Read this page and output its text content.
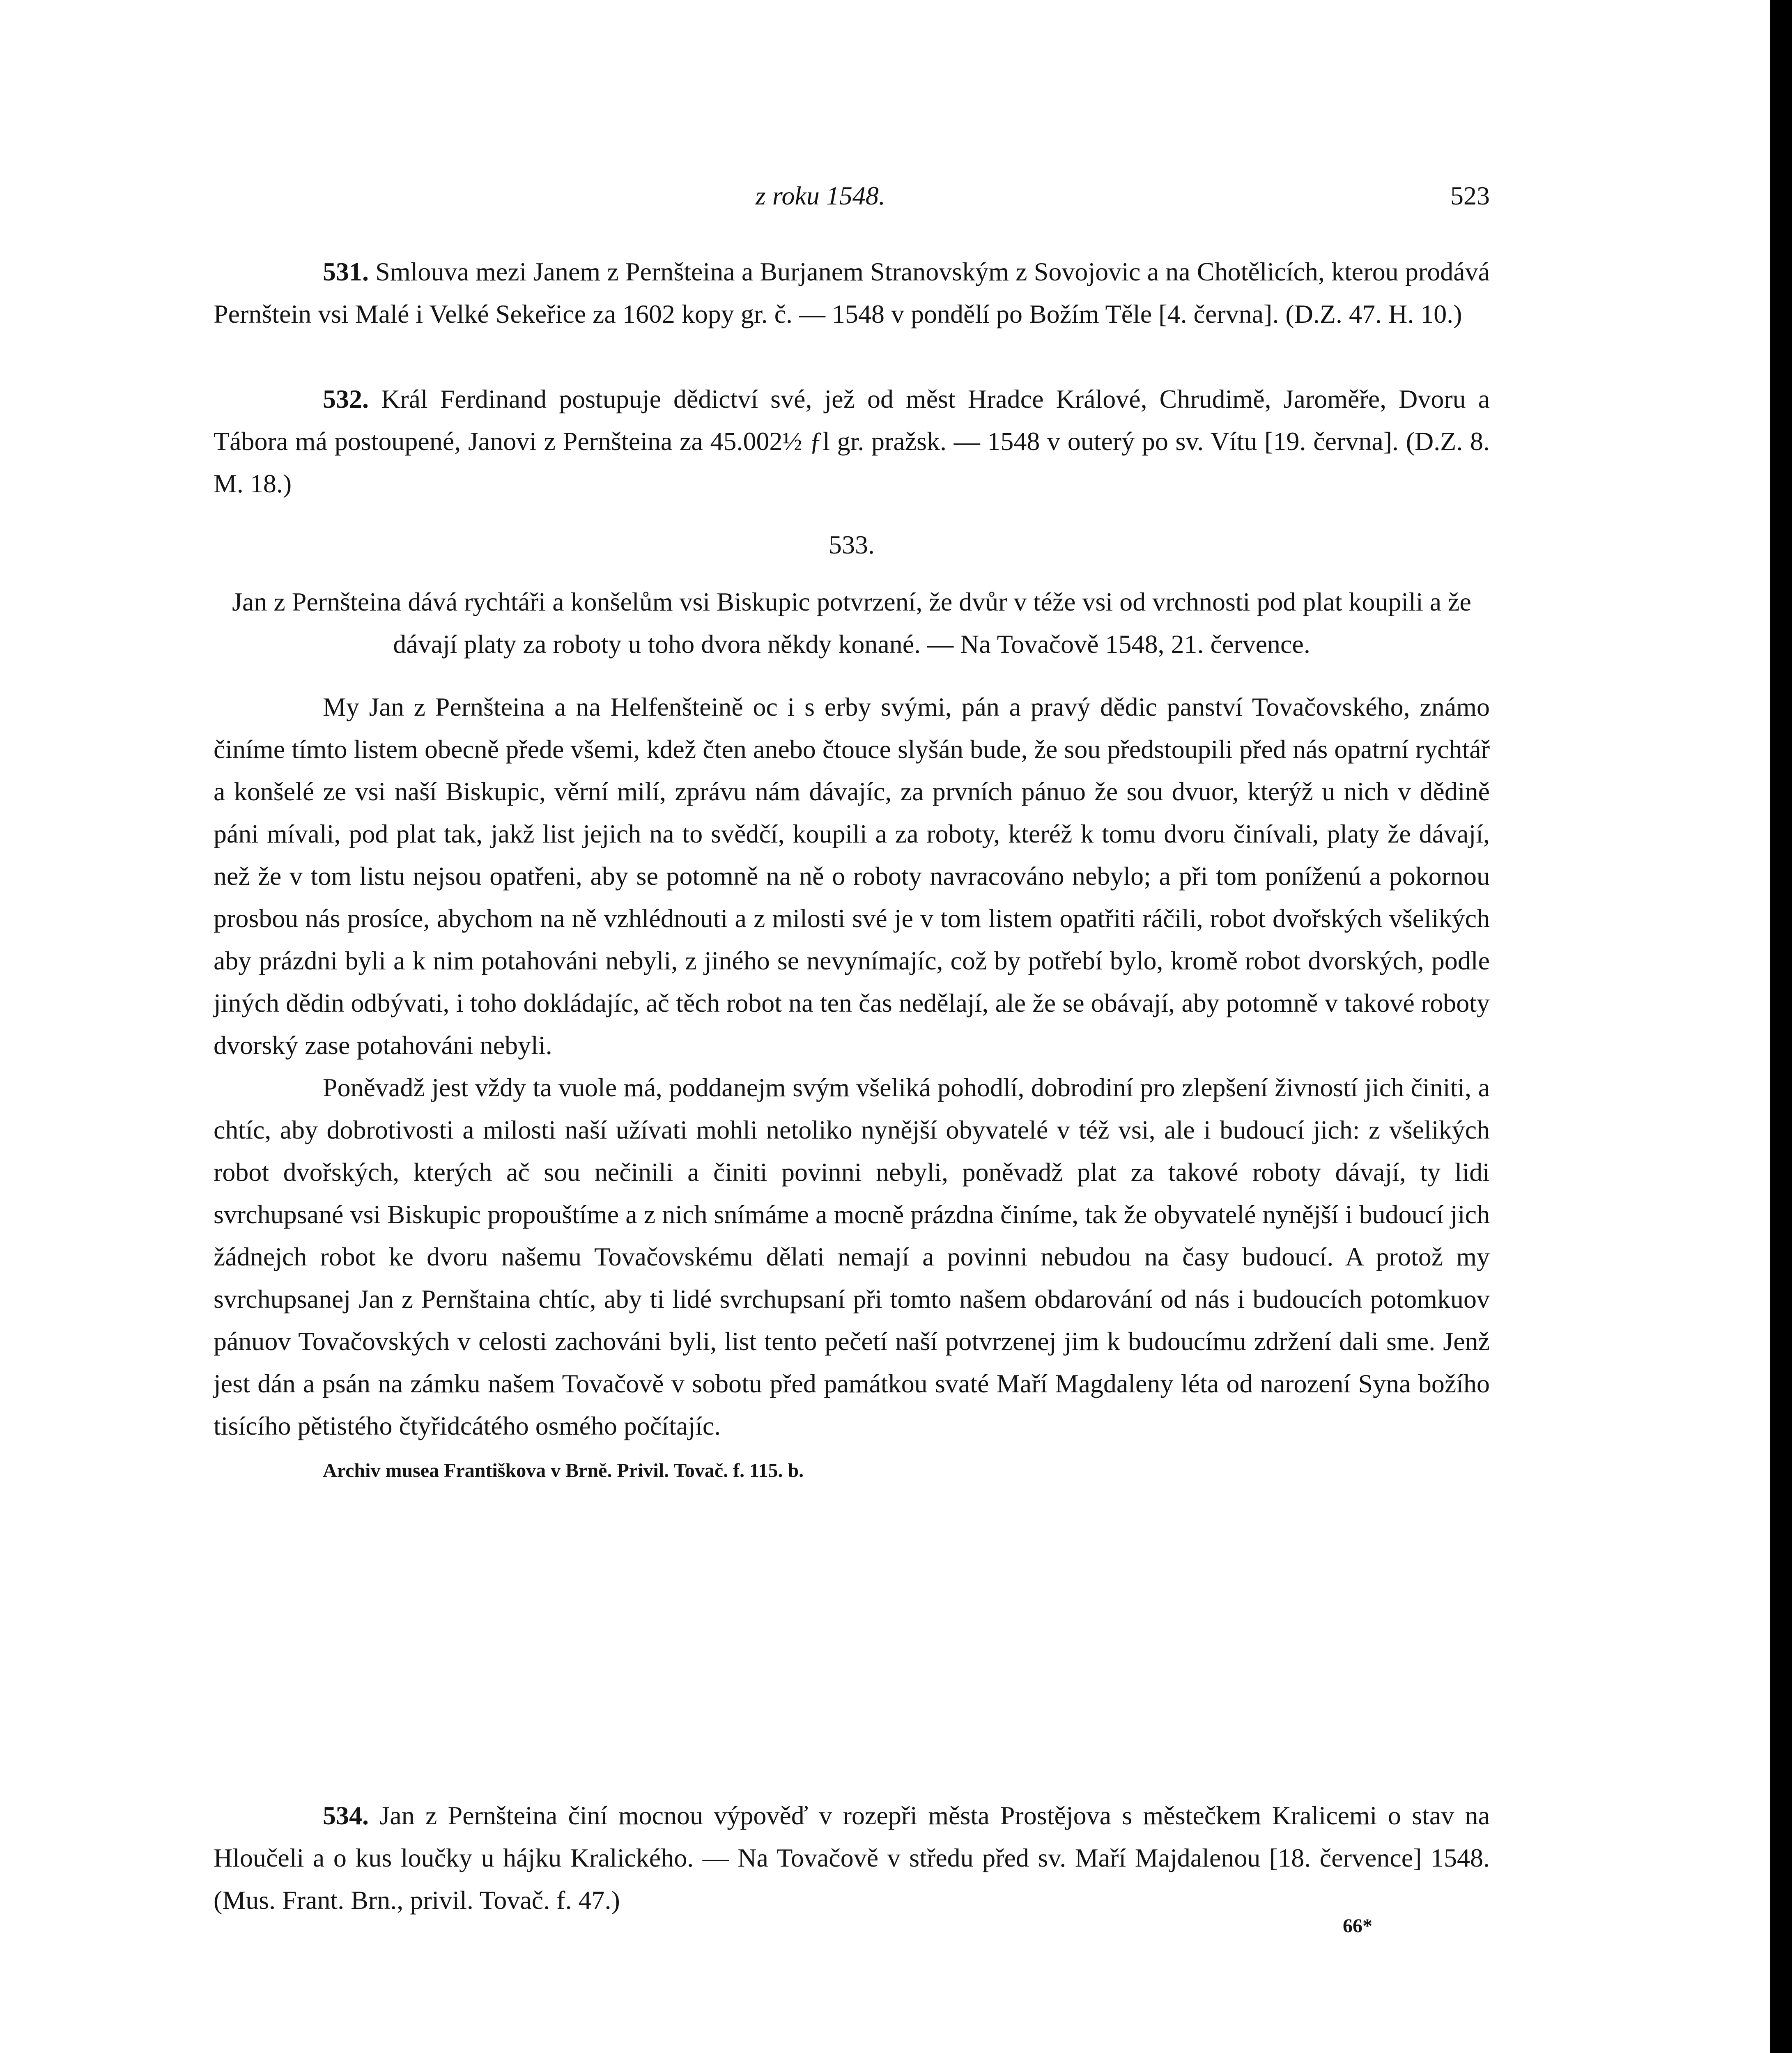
z roku 1548.	523

531. Smlouva mezi Janem z Pernšteina a Burjanem Stranovským z Sovojovic a na Chotělicích, kterou prodává Pernštein vsi Malé i Velké Sekeřice za 1602 kopy gr. č. — 1548 v pondělí po Božím Těle [4. června]. (D.Z. 47. H. 10.)

532. Král Ferdinand postupuje dědictví své, jež od měst Hradce Králové, Chrudimě, Jaroměře, Dvoru a Tábora má postoupené, Janovi z Pernšteina za 45.002½ ƒl gr. pražsk. — 1548 v outerý po sv. Vítu [19. června]. (D.Z. 8. M. 18.)

533.

Jan z Pernšteina dává rychtáři a konšelům vsi Biskupic potvrzení, že dvůr v téže vsi od vrchnosti pod plat koupili a že dávají platy za roboty u toho dvora někdy konané. — Na Tovačově 1548, 21. července.

My Jan z Pernšteina a na Helfenšteině oc i s erby svými, pán a pravý dědic panství Tovačovského, známo činíme tímto listem obecně přede všemi, kdež čten anebo čtouce slyšán bude, že sou předstoupili před nás opatrní rychtář a konšelé ze vsi naší Biskupic, věrní milí, zprávu nám dávajíc, za prvních pánuo že sou dvuor, kterýž u nich v dědině páni mívali, pod plat tak, jakž list jejich na to svědčí, koupili a za roboty, kteréž k tomu dvoru činívali, platy že dávají, než že v tom listu nejsou opatřeni, aby se potomně na ně o roboty navracováno nebylo; a při tom poníženú a pokornou prosbou nás prosíce, abychom na ně vzhlédnouti a z milosti své je v tom listem opatřiti ráčili, robot dvořských všelikých aby prázdni byli a k nim potahováni nebyli, z jiného se nevynímajíc, což by potřebí bylo, kromě robot dvorských, podle jiných dědin odbývati, i toho dokládajíc, ač těch robot na ten čas nedělají, ale že se obávají, aby potomně v takové roboty dvorský zase potahováni nebyli.

Poněvadž jest vždy ta vuole má, poddanejm svým všeliká pohodlí, dobrodiní pro zlepšení živností jich činiti, a chtíc, aby dobrotivosti a milosti naší užívati mohli netoliko nynější obyvatelé v též vsi, ale i budoucí jich: z všelikých robot dvořských, kterých ač sou nečinili a činiti povinni nebyli, poněvadž plat za takové roboty dávají, ty lidi svrchupsané vsi Biskupic propouštíme a z nich snímáme a mocně prázdna činíme, tak že obyvatelé nynější i budoucí jich žádnejch robot ke dvoru našemu Tovačovskému dělati nemají a povinni nebudou na časy budoucí. A protož my svrchupsanej Jan z Pernštaina chtíc, aby ti lidé svrchupsaní při tomto našem obdarování od nás i budoucích potomkuov pánuov Tovačovských v celosti zachováni byli, list tento pečetí naší potvrzenej jim k budoucímu zdržení dali sme. Jenž jest dán a psán na zámku našem Tovačově v sobotu před památkou svaté Maří Magdaleny léta od narození Syna božího tisícího pětistého čtyřidcátého osmého počítajíc.

Archiv musea Františkova v Brně. Privil. Tovač. f. 115. b.

534. Jan z Pernšteina činí mocnou výpověď v rozepři města Prostějova s městečkem Kralicemi o stav na Hloučeli a o kus loučky u hájku Kralického. — Na Tovačově v středu před sv. Maří Majdalenou [18. července] 1548. (Mus. Frant. Brn., privil. Tovač. f. 47.)

66*
